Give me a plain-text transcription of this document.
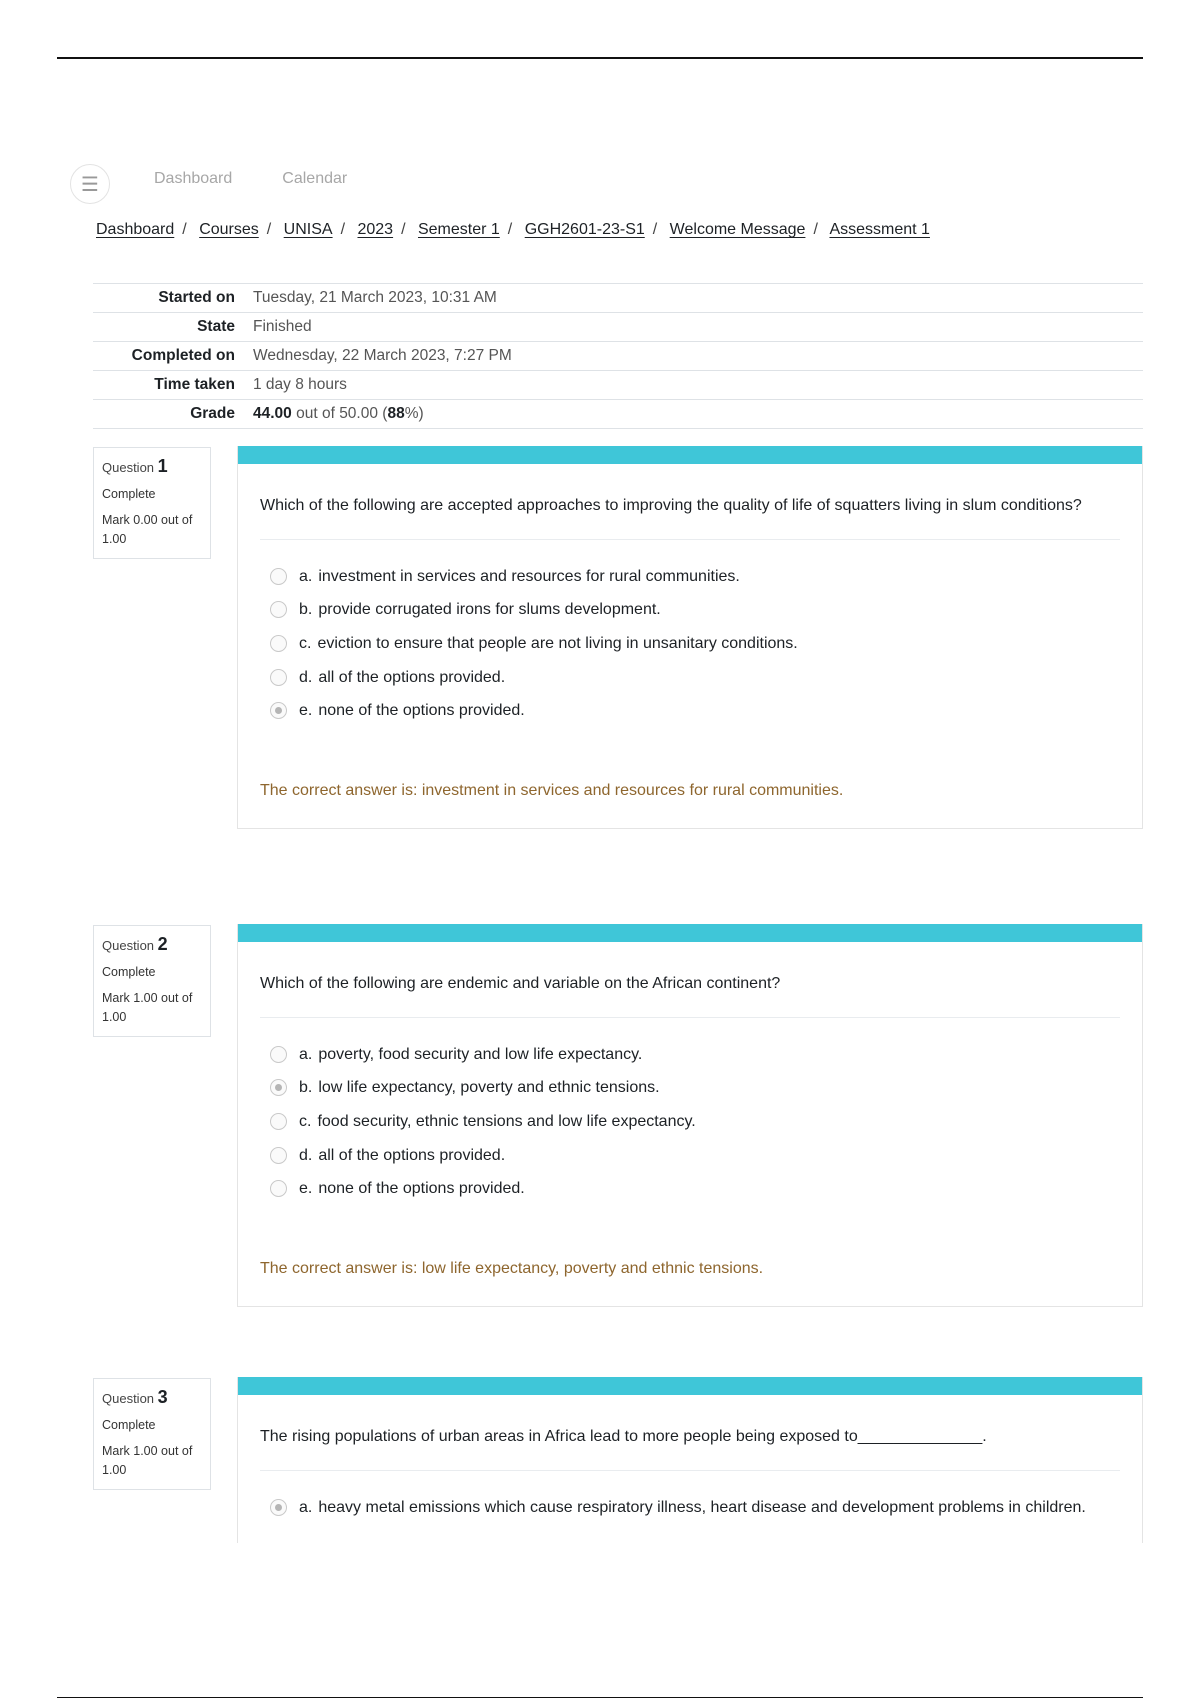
☰	Dashboard	Calendar
Dashboard / Courses / UNISA / 2023 / Semester 1 / GGH2601-23-S1 / Welcome Message / Assessment 1
Started on	Tuesday, 21 March 2023, 10:31 AM
State	Finished
Completed on	Wednesday, 22 March 2023, 7:27 PM
Time taken	1 day 8 hours
Grade	44.00 out of 50.00 (88%)
Question 1
Complete
Mark 0.00 out of 1.00
Which of the following are accepted approaches to improving the quality of life of squatters living in slum conditions?
a. investment in services and resources for rural communities.
b. provide corrugated irons for slums development.
c. eviction to ensure that people are not living in unsanitary conditions.
d. all of the options provided.
e. none of the options provided.
The correct answer is: investment in services and resources for rural communities.
Question 2
Complete
Mark 1.00 out of 1.00
Which of the following are endemic and variable on the African continent?
a. poverty, food security and low life expectancy.
b. low life expectancy, poverty and ethnic tensions.
c. food security, ethnic tensions and low life expectancy.
d. all of the options provided.
e. none of the options provided.
The correct answer is: low life expectancy, poverty and ethnic tensions.
Question 3
Complete
Mark 1.00 out of 1.00
The rising populations of urban areas in Africa lead to more people being exposed to______________.
a. heavy metal emissions which cause respiratory illness, heart disease and development problems in children.
